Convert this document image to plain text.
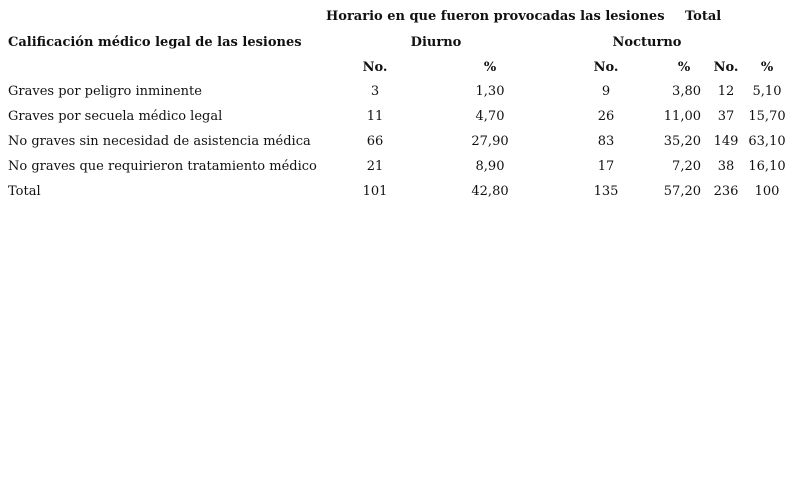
Horario en que fueron provocadas las lesiones Total
Calificación médico legal de las lesiones	Diurno	Nocturno
No.	%	No.	% No. %
Graves por peligro inminente	3	1,30	9	3,80 12 5,10
Graves por secuela médico legal	11	4,70	26	11,00 37 15,70
No graves sin necesidad de asistencia médica	66	27,90	83	35,20 149 63,10
No graves que requirieron tratamiento médico	21	8,90	17	7,20 38 16,10
Total	101	42,80	135	57,20 236 100
